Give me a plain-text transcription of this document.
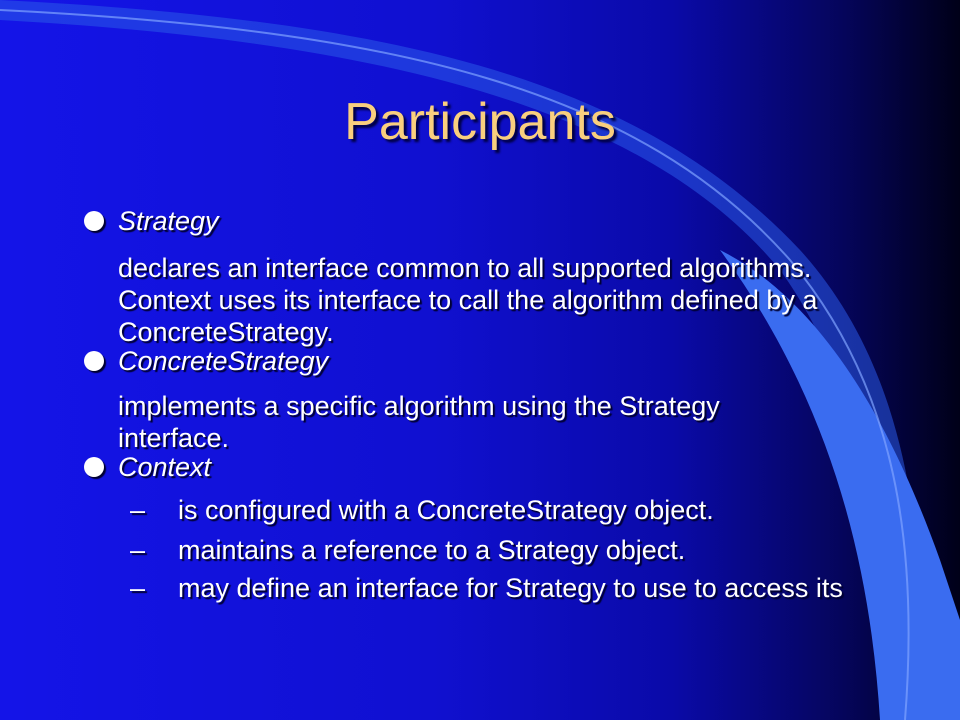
Participants
Strategy
declares an interface common to all supported algorithms. Context uses its interface to call the algorithm defined by a ConcreteStrategy.
ConcreteStrategy
implements a specific algorithm using the Strategy interface.
Context
– is configured with a ConcreteStrategy object.
– maintains a reference to a Strategy object.
– may define an interface for Strategy to use to access its
